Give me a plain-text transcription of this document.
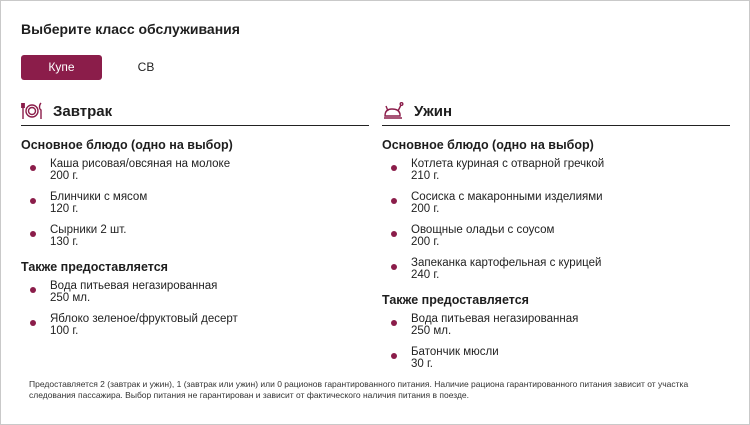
Выберите класс обслуживания
Купе	СВ
Завтрак
Основное блюдо (одно на выбор)
Каша рисовая/овсяная на молоке
200 г.
Блинчики с мясом
120 г.
Сырники 2 шт.
130 г.
Также предоставляется
Вода питьевая негазированная
250 мл.
Яблоко зеленое/фруктовый десерт
100 г.
Ужин
Основное блюдо (одно на выбор)
Котлета куриная с отварной гречкой
210 г.
Сосиска с макаронными изделиями
200 г.
Овощные оладьи с соусом
200 г.
Запеканка картофельная с курицей
240 г.
Также предоставляется
Вода питьевая негазированная
250 мл.
Батончик мюсли
30 г.
Предоставляется 2 (завтрак и ужин), 1 (завтрак или ужин) или 0 рационов гарантированного питания. Наличие рациона гарантированного питания зависит от участка следования пассажира. Выбор питания не гарантирован и зависит от фактического наличия питания в поезде.
